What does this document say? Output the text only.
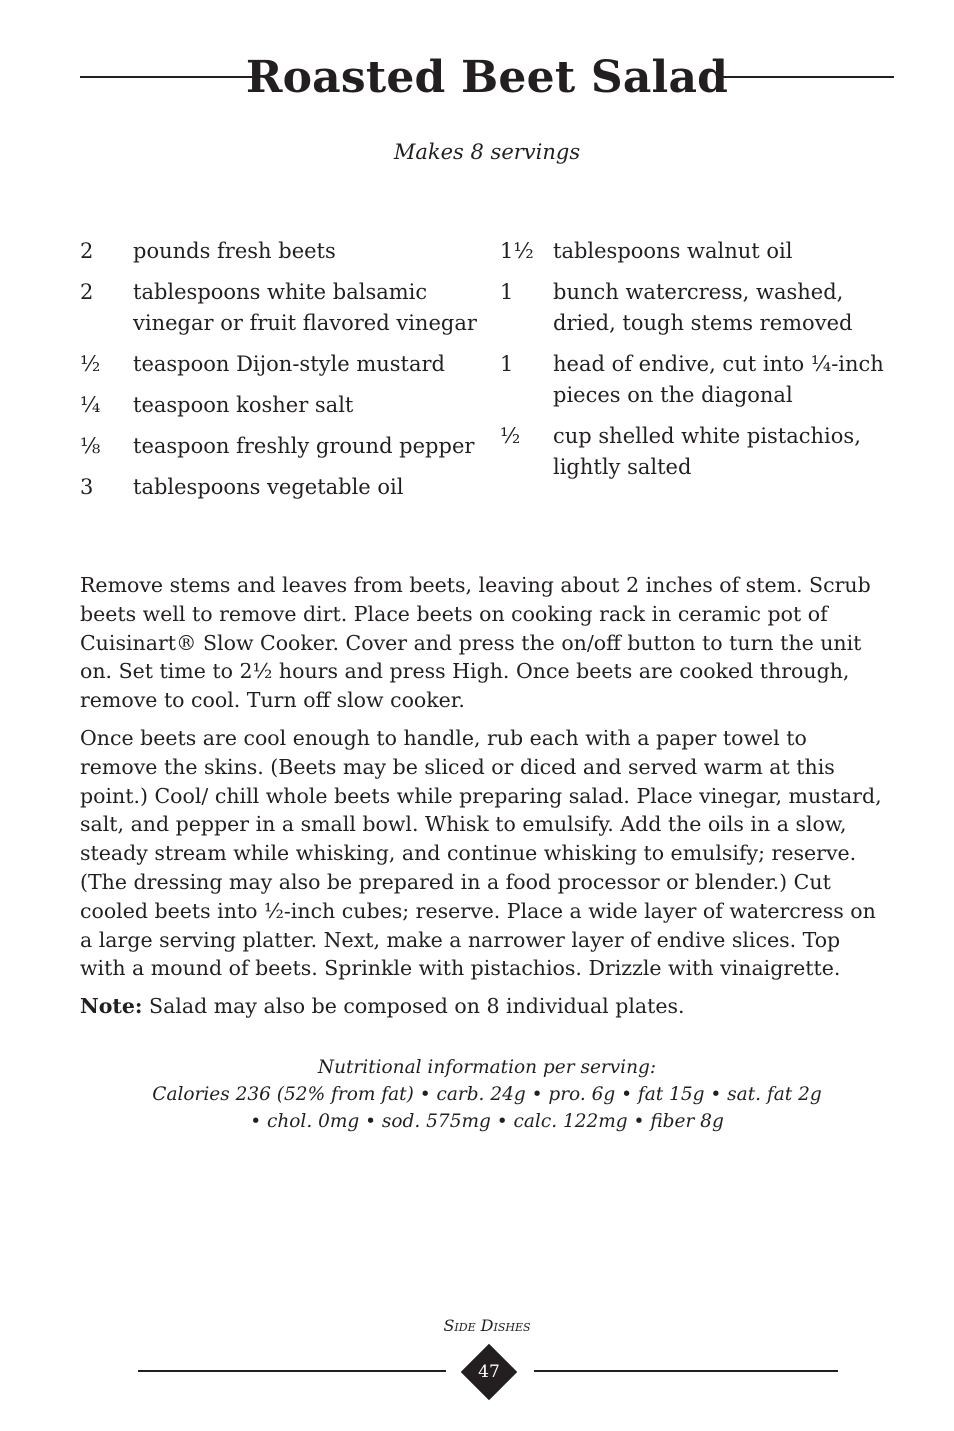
Roasted Beet Salad
Makes 8 servings
2	pounds fresh beets
2	tablespoons white balsamic vinegar or fruit flavored vinegar
½	teaspoon Dijon-style mustard
¼	teaspoon kosher salt
⅛	teaspoon freshly ground pepper
3	tablespoons vegetable oil
1½ tablespoons walnut oil
1	bunch watercress, washed, dried, tough stems removed
1	head of endive, cut into ¼-inch pieces on the diagonal
½	cup shelled white pistachios, lightly salted

Remove stems and leaves from beets, leaving about 2 inches of stem. Scrub beets well to remove dirt. Place beets on cooking rack in ceramic pot of Cuisinart® Slow Cooker. Cover and press the on/off button to turn the unit on. Set time to 2½ hours and press High. Once beets are cooked through, remove to cool. Turn off slow cooker.

Once beets are cool enough to handle, rub each with a paper towel to remove the skins. (Beets may be sliced or diced and served warm at this point.) Cool/ chill whole beets while preparing salad. Place vinegar, mustard, salt, and pepper in a small bowl. Whisk to emulsify. Add the oils in a slow, steady stream while whisking, and continue whisking to emulsify; reserve. (The dressing may also be prepared in a food processor or blender.) Cut cooled beets into ½-inch cubes; reserve. Place a wide layer of watercress on a large serving platter. Next, make a narrower layer of endive slices. Top with a mound of beets. Sprinkle with pistachios. Drizzle with vinaigrette.

Note: Salad may also be composed on 8 individual plates.

Nutritional information per serving:
Calories 236 (52% from fat) • carb. 24g • pro. 6g • fat 15g • sat. fat 2g
• chol. 0mg • sod. 575mg • calc. 122mg • fiber 8g
Side Dishes
47
